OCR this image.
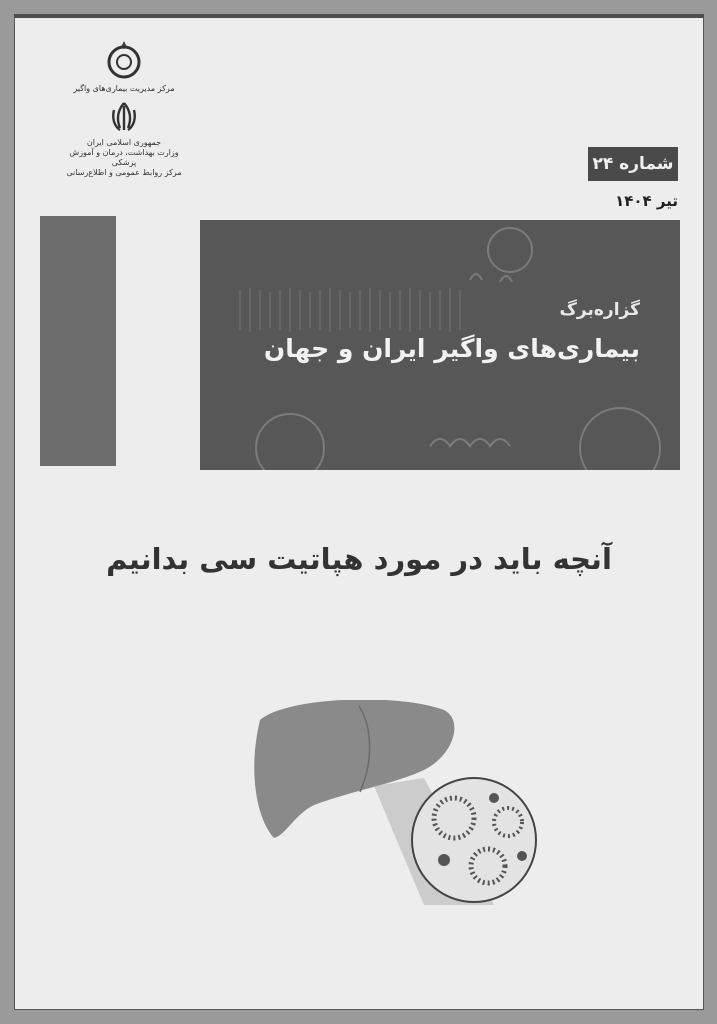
مرکز مدیریت بیماری‌های واگیر
جمهوری اسلامی ایران
وزارت بهداشت، درمان و آموزش پزشکی
مرکز روابط عمومی و اطلاع‌رسانی	شماره ۲۴
تیر ۱۴۰۴
گزاره‌برگ
بیماری‌های واگیر ایران و جهان
آنچه باید در مورد هپاتیت سی بدانیم
